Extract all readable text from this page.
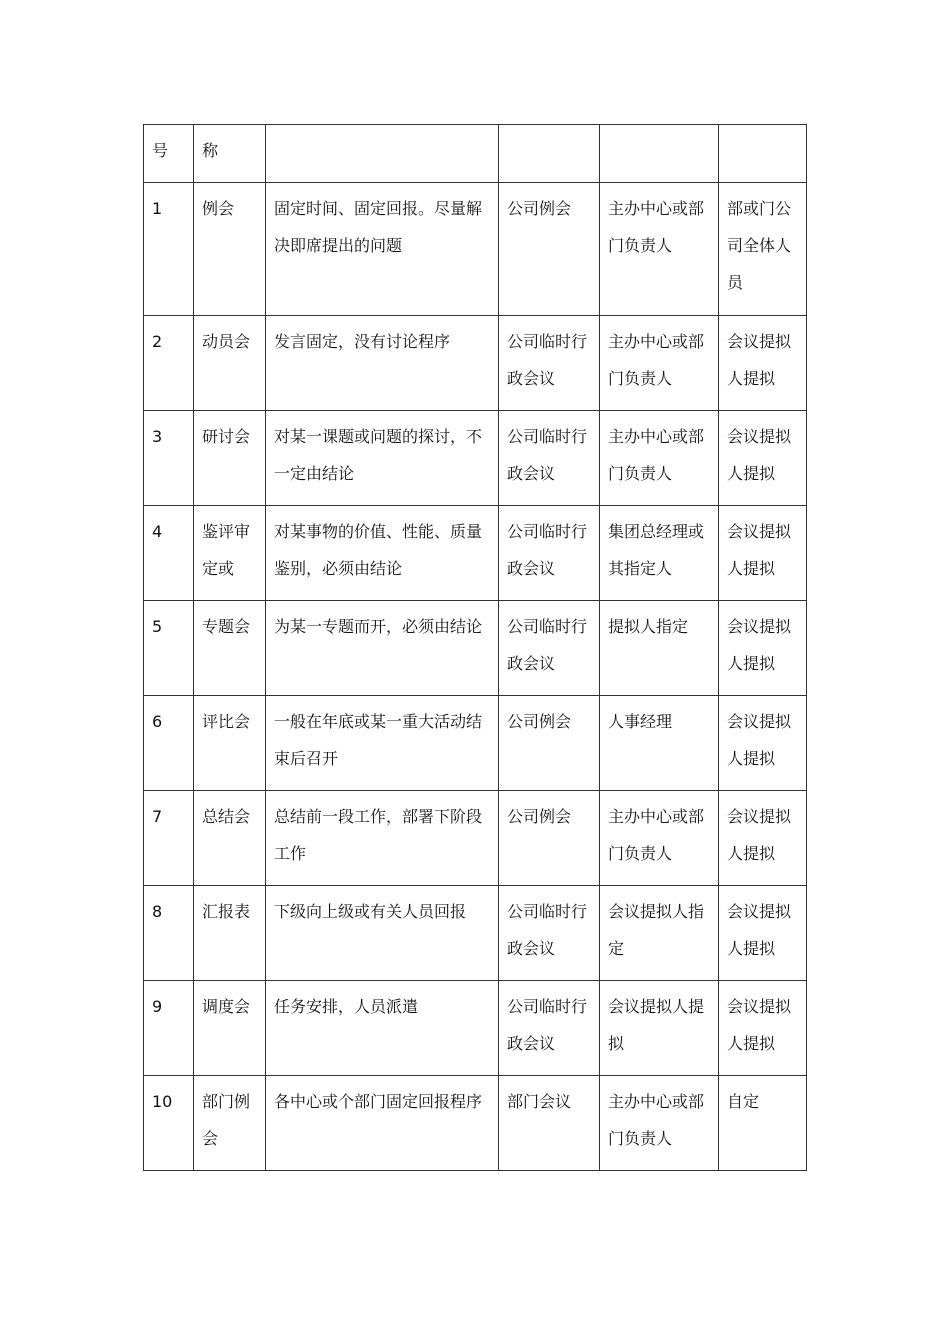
号	称				

1	例会	固定时间、固定回报。尽量解决即席提出的问题	公司例会	主办中心或部门负责人	部或门公司全体人员

2	动员会	发言固定，没有讨论程序	公司临时行政会议	主办中心或部门负责人	会议提拟人提拟

3	研讨会	对某一课题或问题的探讨，不一定由结论	公司临时行政会议	主办中心或部门负责人	会议提拟人提拟

4	鉴评审定或	对某事物的价值、性能、质量鉴别，必须由结论	公司临时行政会议	集团总经理或其指定人	会议提拟人提拟

5	专题会	为某一专题而开，必须由结论	公司临时行政会议	提拟人指定	会议提拟人提拟

6	评比会	一般在年底或某一重大活动结束后召开	公司例会	人事经理	会议提拟人提拟

7	总结会	总结前一段工作，部署下阶段工作	公司例会	主办中心或部门负责人	会议提拟人提拟

8	汇报表	下级向上级或有关人员回报	公司临时行政会议	会议提拟人指定	会议提拟人提拟

9	调度会	任务安排，人员派遣	公司临时行政会议	会议提拟人提拟	会议提拟人提拟

10	部门例会	各中心或个部门固定回报程序	部门会议	主办中心或部门负责人	自定
